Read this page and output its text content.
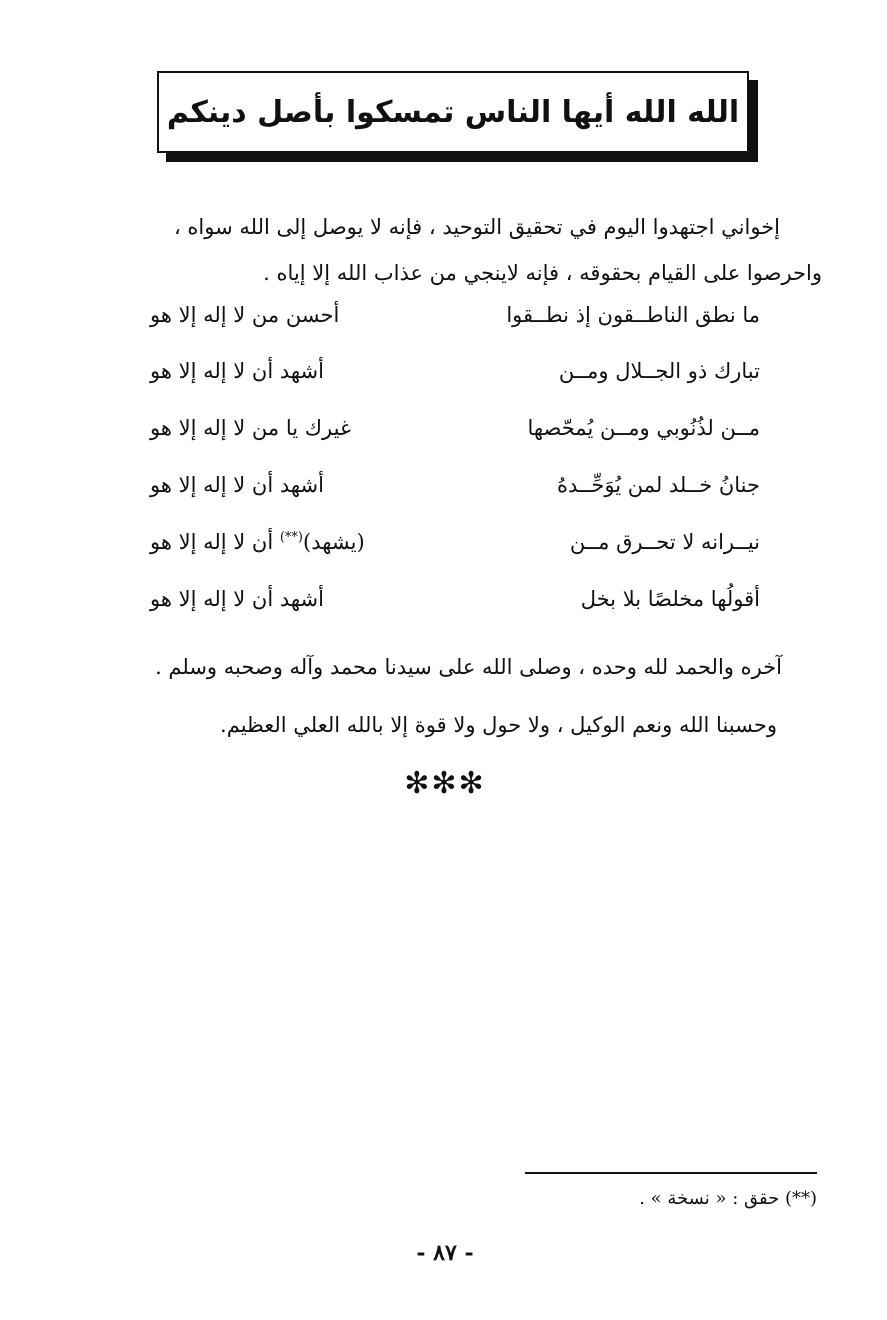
الله الله أيها الناس تمسكوا بأصل دينكم
إخواني اجتهدوا اليوم في تحقيق التوحيد ، فإنه لا يوصل إلى الله سواه ،
واحرصوا على القيام بحقوقه ، فإنه لاينجي من عذاب الله إلا إياه .
ما نطق الناطــقون إذ نطــقوا
أحسن من لا إله إلا هو
تبارك ذو الجــلال ومــن
أشهد أن لا إله إلا هو
مــن لذُنُوبي ومــن يُمحّصها
غيرك يا من لا إله إلا هو
جنانُ خــلد لمن يُوَحِّــدهُ
أشهد أن لا إله إلا هو
نيــرانه لا تحــرق مــن
(يشهد)(**) أن لا إله إلا هو
أقولُها مخلصًا بلا بخل
أشهد أن لا إله إلا هو
آخره والحمد لله وحده ، وصلى الله على سيدنا محمد وآله وصحبه وسلم .
وحسبنا الله ونعم الوكيل ، ولا حول ولا قوة إلا بالله العلي العظيم.
✻✻✻
(**) حقق : « نسخة » .
- ٨٧ -
